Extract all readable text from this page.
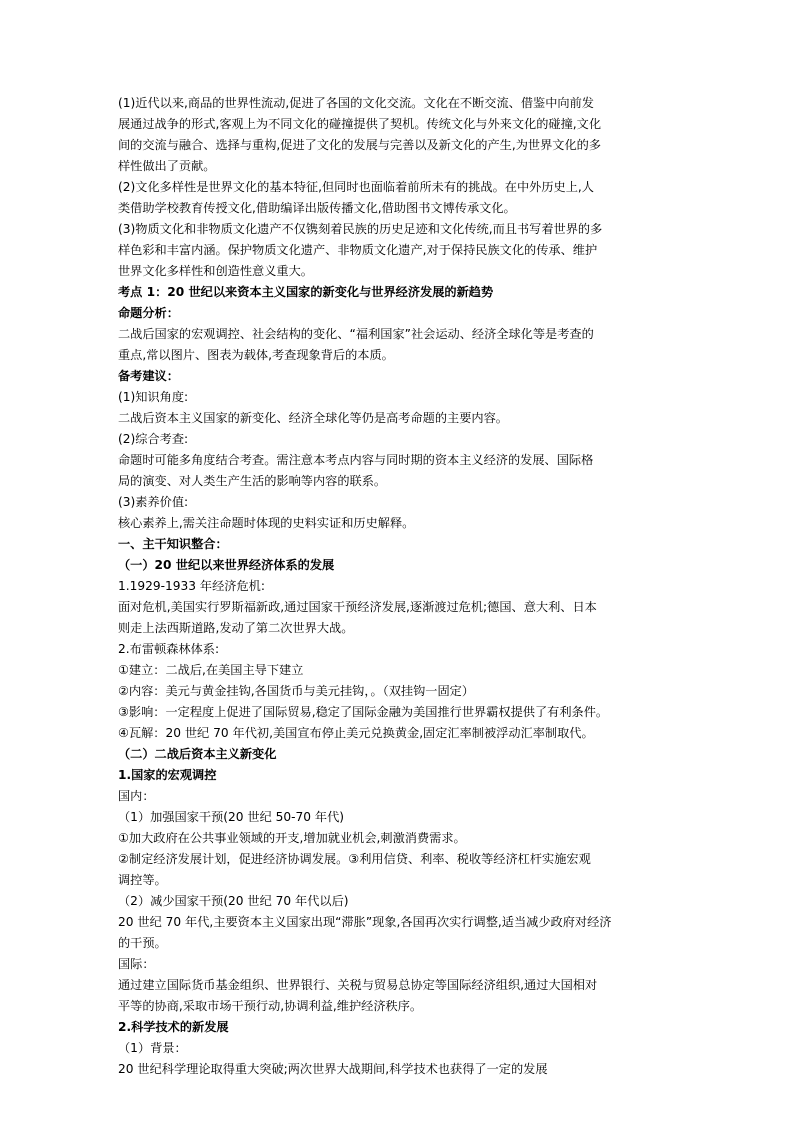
(1)近代以来,商品的世界性流动,促进了各国的文化交流。文化在不断交流、借鉴中向前发
展通过战争的形式,客观上为不同文化的碰撞提供了契机。传统文化与外来文化的碰撞,文化
间的交流与融合、选择与重构,促进了文化的发展与完善以及新文化的产生,为世界文化的多
样性做出了贡献。
(2)文化多样性是世界文化的基本特征,但同时也面临着前所未有的挑战。在中外历史上,人
类借助学校教育传授文化,借助编译出版传播文化,借助图书文博传承文化。
(3)物质文化和非物质文化遗产不仅镌刻着民族的历史足迹和文化传统,而且书写着世界的多
样色彩和丰富内涵。保护物质文化遗产、非物质文化遗产,对于保持民族文化的传承、维护
世界文化多样性和创造性意义重大。
考点 1：20 世纪以来资本主义国家的新变化与世界经济发展的新趋势
命题分析：
二战后国家的宏观调控、社会结构的变化、“福利国家”社会运动、经济全球化等是考查的
重点,常以图片、图表为载体,考查现象背后的本质。
备考建议：
(1)知识角度:
二战后资本主义国家的新变化、经济全球化等仍是高考命题的主要内容。
(2)综合考查:
命题时可能多角度结合考查。需注意本考点内容与同时期的资本主义经济的发展、国际格
局的演变、对人类生产生活的影响等内容的联系。
(3)素养价值:
核心素养上,需关注命题时体现的史料实证和历史解释。
一、主干知识整合：
（一）20 世纪以来世界经济体系的发展
1.1929-1933 年经济危机:
面对危机,美国实行罗斯福新政,通过国家干预经济发展,逐渐渡过危机;德国、意大利、日本
则走上法西斯道路,发动了第二次世界大战。
2.布雷顿森林体系:
①建立：二战后,在美国主导下建立
②内容：美元与黄金挂钩,各国货币与美元挂钩，。（双挂钩一固定）
③影响：一定程度上促进了国际贸易,稳定了国际金融为美国推行世界霸权提供了有利条件。
④瓦解：20 世纪 70 年代初,美国宣布停止美元兑换黄金,固定汇率制被浮动汇率制取代。
（二）二战后资本主义新变化
1.国家的宏观调控
国内：
（1）加强国家干预(20 世纪 50-70 年代)
①加大政府在公共事业领域的开支,增加就业机会,刺激消费需求。
②制定经济发展计划，促进经济协调发展。③利用信贷、利率、税收等经济杠杆实施宏观
调控等。
（2）减少国家干预(20 世纪 70 年代以后)
20 世纪 70 年代,主要资本主义国家出现“滞胀”现象,各国再次实行调整,适当减少政府对经济
的干预。
国际：
通过建立国际货币基金组织、世界银行、关税与贸易总协定等国际经济组织,通过大国相对
平等的协商,采取市场干预行动,协调利益,维护经济秩序。
2.科学技术的新发展
（1）背景：
20 世纪科学理论取得重大突破;两次世界大战期间,科学技术也获得了一定的发展
